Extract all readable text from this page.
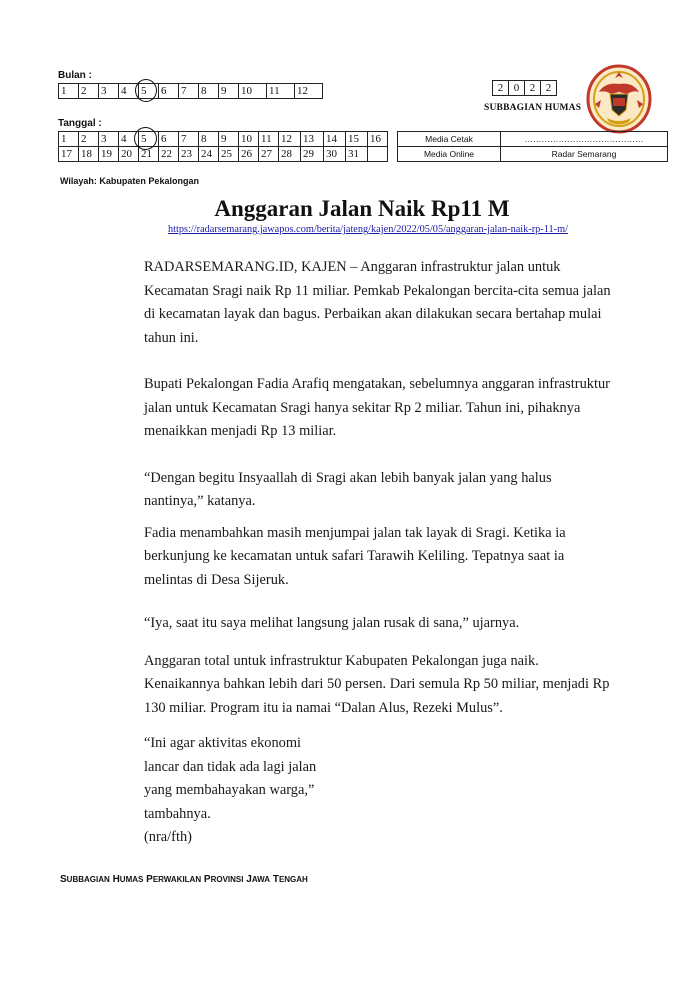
Bulan :
1	2	3	4	5	6	7	8	9	10	11	12
Tanggal :
1	2	3	4	5	6	7	8	9	10	11	12	13	14	15	16
17	18	19	20	21	22	23	24	25	26	27	28	29	30	31	
2	0	2	2
SUBBAGIAN HUMAS
Media Cetak	……………………………………
Media Online	Radar Semarang
Wilayah: Kabupaten Pekalongan
Anggaran Jalan Naik Rp11 M
https://radarsemarang.jawapos.com/berita/jateng/kajen/2022/05/05/anggaran-jalan-naik-rp-11-m/

RADARSEMARANG.ID, KAJEN – Anggaran infrastruktur jalan untuk Kecamatan Sragi naik Rp 11 miliar. Pemkab Pekalongan bercita-cita semua jalan di kecamatan layak dan bagus. Perbaikan akan dilakukan secara bertahap mulai tahun ini.

Bupati Pekalongan Fadia Arafiq mengatakan, sebelumnya anggaran infrastruktur jalan untuk Kecamatan Sragi hanya sekitar Rp 2 miliar. Tahun ini, pihaknya menaikkan menjadi Rp 13 miliar.

“Dengan begitu Insyaallah di Sragi akan lebih banyak jalan yang halus nantinya,” katanya.

Fadia menambahkan masih menjumpai jalan tak layak di Sragi. Ketika ia berkunjung ke kecamatan untuk safari Tarawih Keliling. Tepatnya saat ia melintas di Desa Sijeruk.

“Iya, saat itu saya melihat langsung jalan rusak di sana,” ujarnya.

Anggaran total untuk infrastruktur Kabupaten Pekalongan juga naik. Kenaikannya bahkan lebih dari 50 persen. Dari semula Rp 50 miliar, menjadi Rp 130 miliar. Program itu ia namai “Dalan Alus, Rezeki Mulus”.

“Ini agar aktivitas ekonomi lancar dan tidak ada lagi jalan yang membahayakan warga,” tambahnya.

(nra/fth)

SUBBAGIAN HUMAS PERWAKILAN PROVINSI JAWA TENGAH
